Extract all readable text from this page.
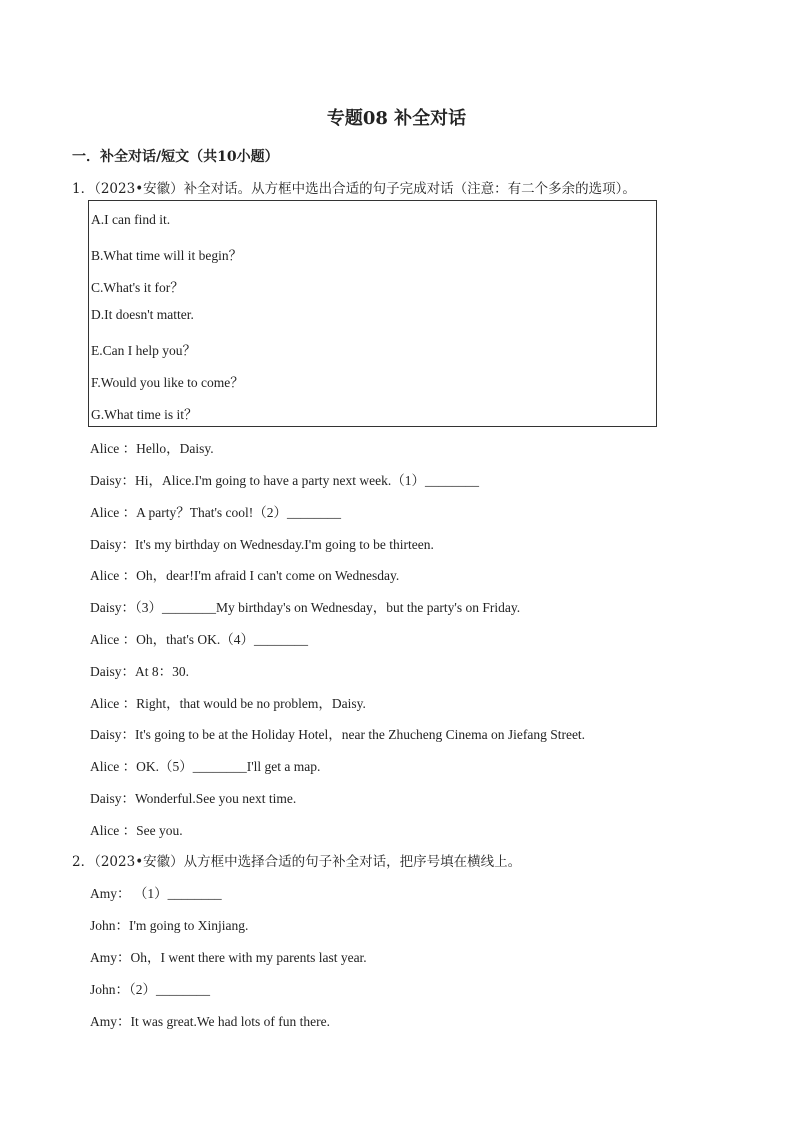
专题08 补全对话
一．补全对话/短文（共10小题）
1．（2023•安徽）补全对话。从方框中选出合适的句子完成对话（注意：有二个多余的选项）。
A.I can find it.
B.What time will it begin？
C.What's it for？
D.It doesn't matter.
E.Can I help you？
F.Would you like to come？
G.What time is it？
Alice ：Hello，Daisy.
Daisy：Hi，Alice.I'm going to have a party next week.（1）________
Alice ：A party？That's cool!（2）________
Daisy：It's my birthday on Wednesday.I'm going to be thirteen.
Alice ：Oh，dear!I'm afraid I can't come on Wednesday.
Daisy：（3）________My birthday's on Wednesday，but the party's on Friday.
Alice ：Oh，that's OK.（4）________
Daisy：At 8：30.
Alice ：Right，that would be no problem，Daisy.
Daisy：It's going to be at the Holiday Hotel，near the Zhucheng Cinema on Jiefang Street.
Alice ：OK.（5）________I'll get a map.
Daisy：Wonderful.See you next time.
Alice ：See you.
2．（2023•安徽）从方框中选择合适的句子补全对话，把序号填在横线上。
Amy： （1）________
John：I'm going to Xinjiang.
Amy：Oh，I went there with my parents last year.
John：（2）________
Amy：It was great.We had lots of fun there.
